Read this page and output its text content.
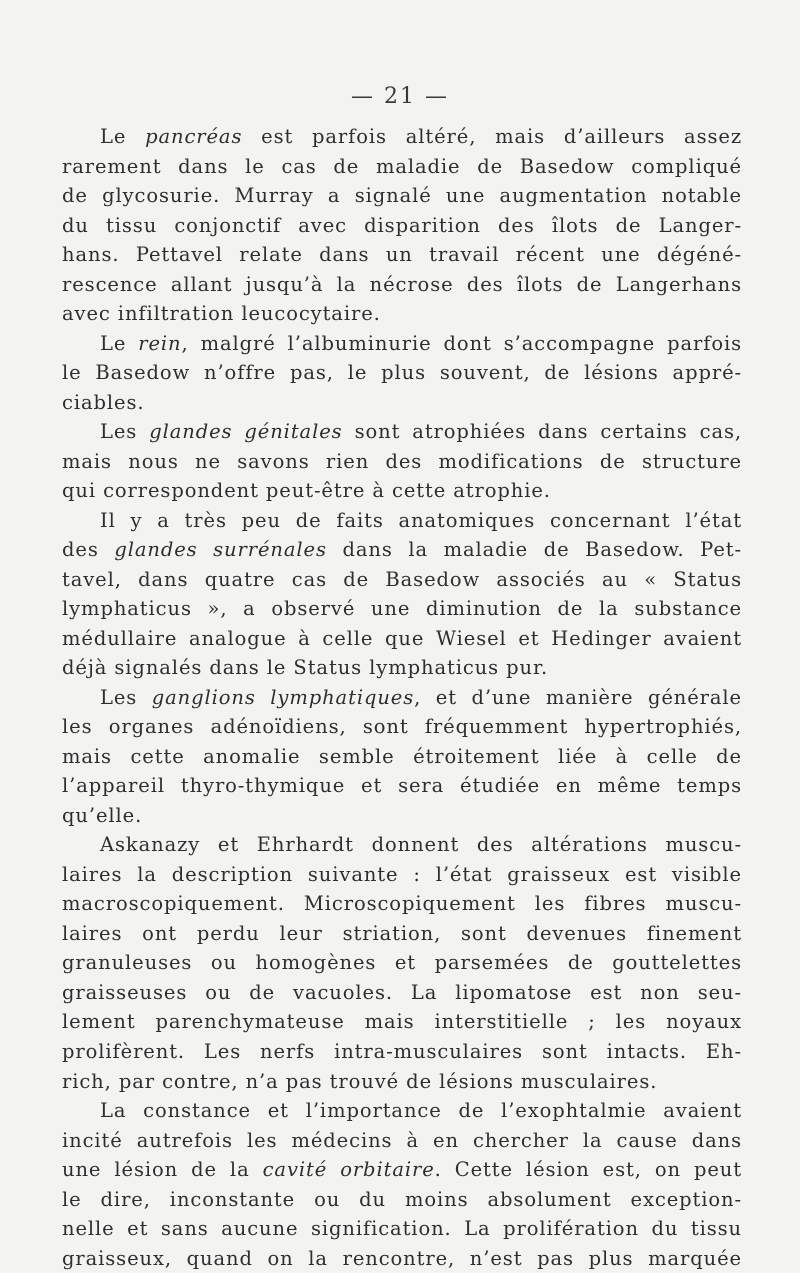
— 21 —
Le pancréas est parfois altéré, mais d’ailleurs assez
rarement dans le cas de maladie de Basedow compliqué
de glycosurie. Murray a signalé une augmentation notable
du tissu conjonctif avec disparition des îlots de Langer-
hans. Pettavel relate dans un travail récent une dégéné-
rescence allant jusqu’à la nécrose des îlots de Langerhans
avec infiltration leucocytaire.
Le rein, malgré l’albuminurie dont s’accompagne parfois
le Basedow n’offre pas, le plus souvent, de lésions appré-
ciables.
Les glandes génitales sont atrophiées dans certains cas,
mais nous ne savons rien des modifications de structure
qui correspondent peut-être à cette atrophie.
Il y a très peu de faits anatomiques concernant l’état
des glandes surrénales dans la maladie de Basedow. Pet-
tavel, dans quatre cas de Basedow associés au « Status
lymphaticus », a observé une diminution de la substance
médullaire analogue à celle que Wiesel et Hedinger avaient
déjà signalés dans le Status lymphaticus pur.
Les ganglions lymphatiques, et d’une manière générale
les organes adénoïdiens, sont fréquemment hypertrophiés,
mais cette anomalie semble étroitement liée à celle de
l’appareil thyro-thymique et sera étudiée en même temps
qu’elle.
Askanazy et Ehrhardt donnent des altérations muscu-
laires la description suivante : l’état graisseux est visible
macroscopiquement. Microscopiquement les fibres muscu-
laires ont perdu leur striation, sont devenues finement
granuleuses ou homogènes et parsemées de gouttelettes
graisseuses ou de vacuoles. La lipomatose est non seu-
lement parenchymateuse mais interstitielle ; les noyaux
prolifèrent. Les nerfs intra-musculaires sont intacts. Eh-
rich, par contre, n’a pas trouvé de lésions musculaires.
La constance et l’importance de l’exophtalmie avaient
incité autrefois les médecins à en chercher la cause dans
une lésion de la cavité orbitaire. Cette lésion est, on peut
le dire, inconstante ou du moins absolument exception-
nelle et sans aucune signification. La prolifération du tissu
graisseux, quand on la rencontre, n’est pas plus marquée
